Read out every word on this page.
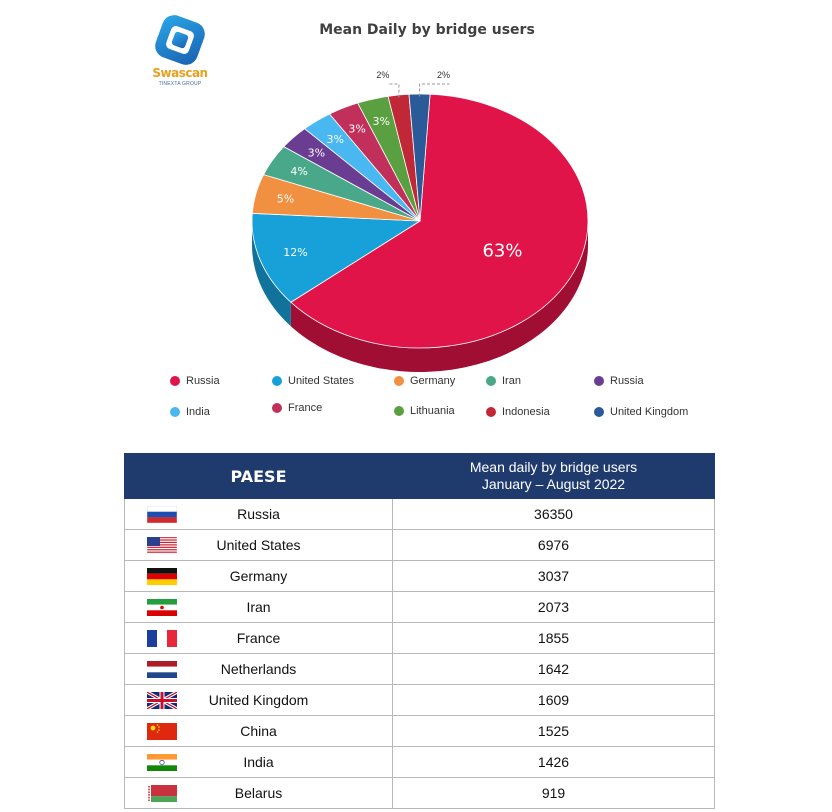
Swascan
TINEXTA GROUP
Mean Daily by bridge users
63%
12%
5%
4%
3%
3%
3%
3%
2%	2%
Russia	United States	Germany	Iran	Russia
India	France	Lithuania	Indonesia	United Kingdom
PAESE	Mean daily by bridge users
January – August 2022

Russia	36350

United States	6976

Germany	3037

Iran	2073

France	1855

Netherlands	1642

United Kingdom	1609

China	1525

India	1426

Belarus	919
